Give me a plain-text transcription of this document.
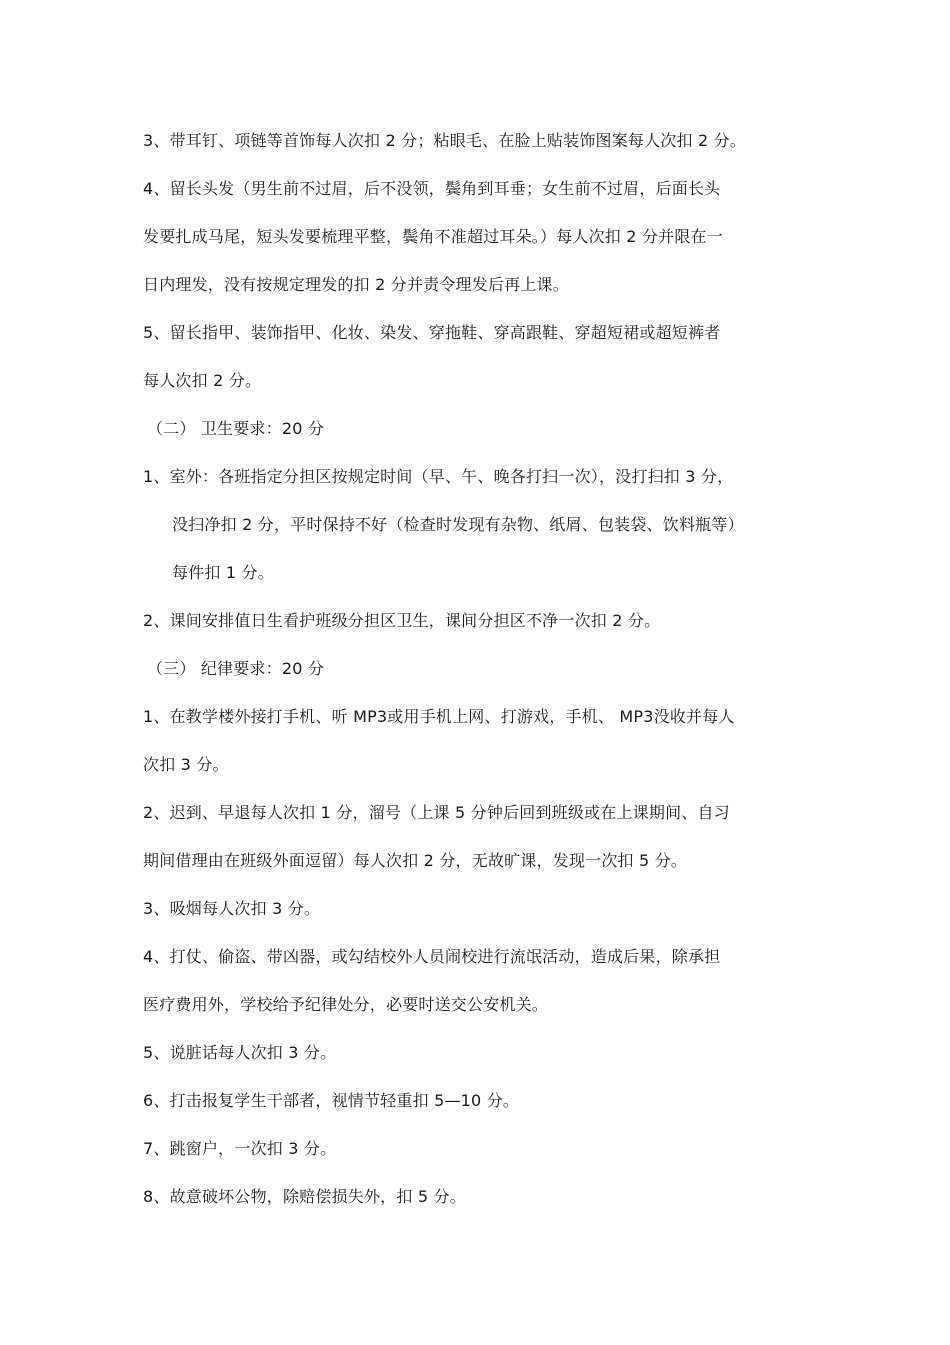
3、带耳钉、项链等首饰每人次扣 2 分；粘眼毛、在脸上贴装饰图案每人次扣 2 分。
4、留长头发（男生前不过眉，后不没领，鬓角到耳垂；女生前不过眉，后面长头
发要扎成马尾，短头发要梳理平整，鬓角不准超过耳朵。）每人次扣 2 分并限在一
日内理发，没有按规定理发的扣 2 分并责令理发后再上课。
5、留长指甲、装饰指甲、化妆、染发、穿拖鞋、穿高跟鞋、穿超短裙或超短裤者
每人次扣 2 分。
（二） 卫生要求：20 分
1、室外：各班指定分担区按规定时间（早、午、晚各打扫一次），没打扫扣 3 分，
没扫净扣 2 分，平时保持不好（检查时发现有杂物、纸屑、包装袋、饮料瓶等）
每件扣 1 分。
2、课间安排值日生看护班级分担区卫生，课间分担区不净一次扣 2 分。
（三） 纪律要求：20 分
1、在教学楼外接打手机、听 MP3或用手机上网、打游戏，手机、 MP3没收并每人
次扣 3 分。
2、迟到、早退每人次扣 1 分，溜号（上课 5 分钟后回到班级或在上课期间、自习
期间借理由在班级外面逗留）每人次扣 2 分，无故旷课，发现一次扣 5 分。
3、吸烟每人次扣 3 分。
4、打仗、偷盗、带凶器，或勾结校外人员闹校进行流氓活动，造成后果，除承担
医疗费用外，学校给予纪律处分，必要时送交公安机关。
5、说脏话每人次扣 3 分。
6、打击报复学生干部者，视情节轻重扣 5—10 分。
7、跳窗户，一次扣 3 分。
8、故意破坏公物，除赔偿损失外，扣 5 分。
